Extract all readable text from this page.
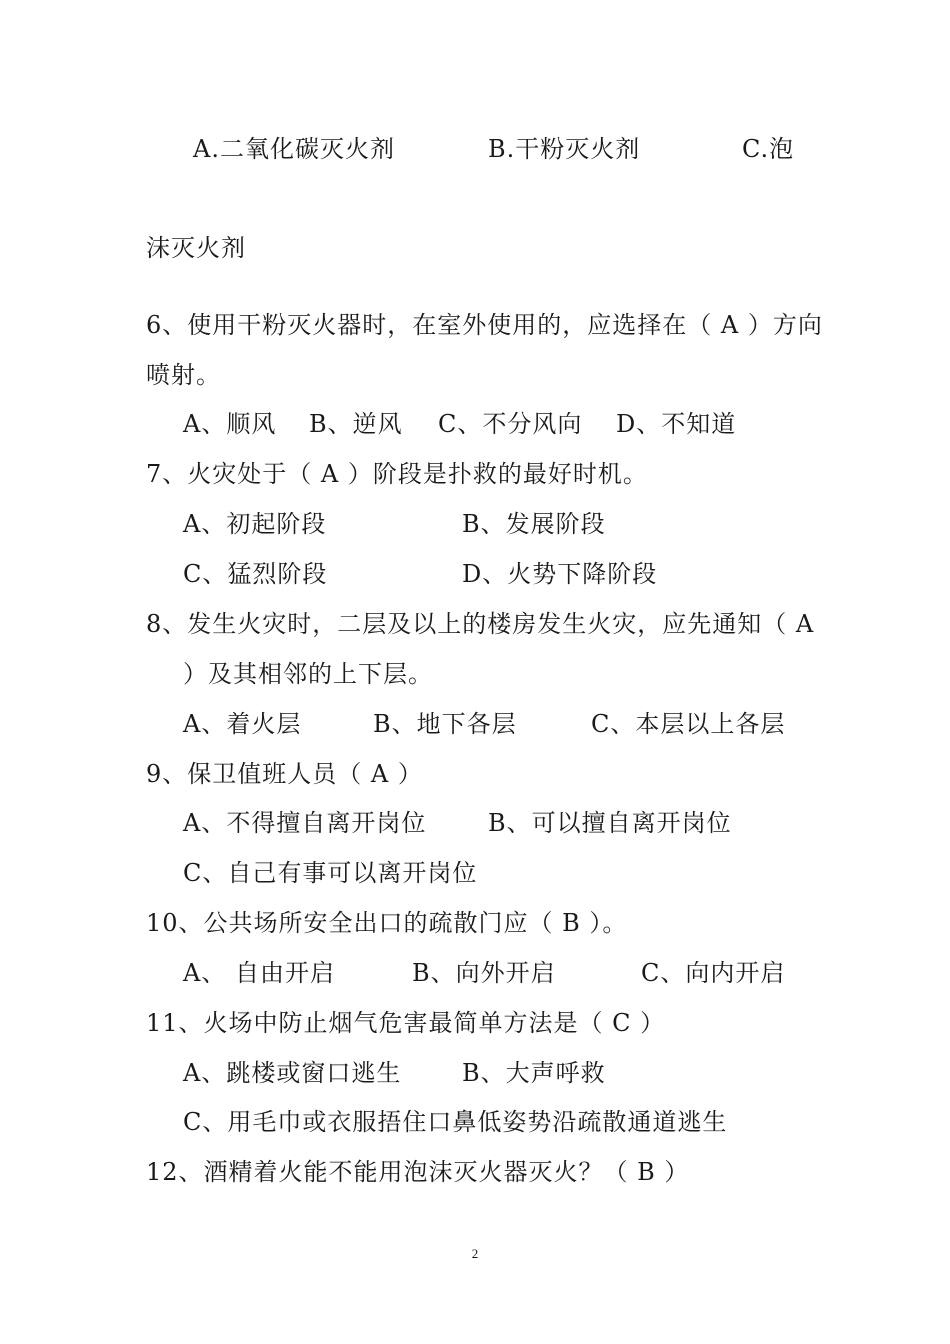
A.二氧化碳灭火剂	B.干粉灭火剂	C.泡
沫灭火剂
6、使用干粉灭火器时，在室外使用的，应选择在（ A ）方向
喷射。
A、顺风 B、逆风 C、不分风向 D、不知道
7、火灾处于（ A ）阶段是扑救的最好时机。
A、初起阶段	B、发展阶段
C、猛烈阶段	D、火势下降阶段
8、发生火灾时，二层及以上的楼房发生火灾，应先通知（ A
）及其相邻的上下层。
A、着火层	B、地下各层	C、本层以上各层
9、保卫值班人员（ A ）
A、不得擅自离开岗位	B、可以擅自离开岗位
C、自己有事可以离开岗位
10、公共场所安全出口的疏散门应（ B ）。
A、 自由开启	B、向外开启	C、向内开启
11、火场中防止烟气危害最简单方法是（ C ）
A、跳楼或窗口逃生	B、大声呼救
C、用毛巾或衣服捂住口鼻低姿势沿疏散通道逃生
12、酒精着火能不能用泡沫灭火器灭火？（ B ）
2
